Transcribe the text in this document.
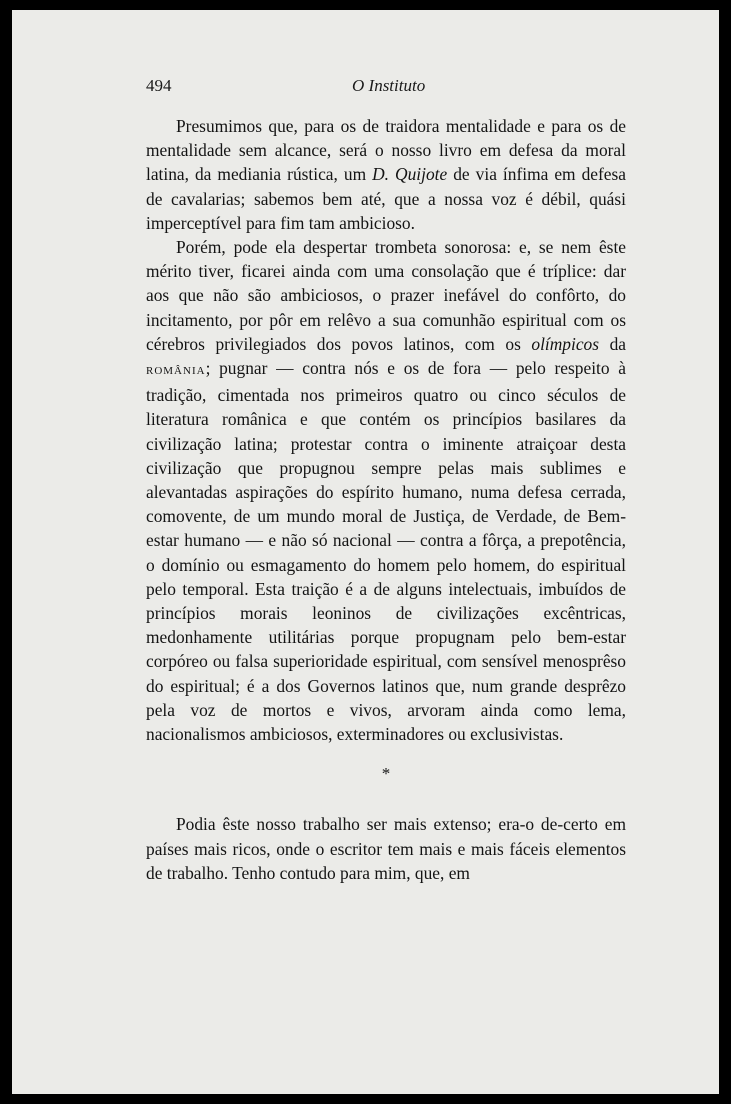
494	O Instituto

Presumimos que, para os de traidora mentalidade e para os de mentalidade sem alcance, será o nosso livro em defesa da moral latina, da mediania rústica, um D. Quijote de via ínfima em defesa de cavalarias; sabemos bem até, que a nossa voz é débil, quási imperceptível para fim tam ambicioso.

Porém, pode ela despertar trombeta sonorosa: e, se nem êste mérito tiver, ficarei ainda com uma consolação que é tríplice: dar aos que não são ambiciosos, o prazer inefável do confôrto, do incitamento, por pôr em relêvo a sua comunhão espiritual com os cérebros privilegiados dos povos latinos, com os olímpicos da ROMÂNIA; pugnar — contra nós e os de fora — pelo respeito à tradição, cimentada nos primeiros quatro ou cinco séculos de literatura românica e que contém os princípios basilares da civilização latina; protestar contra o iminente atraiçoar desta civilização que propugnou sempre pelas mais sublimes e alevantadas aspirações do espírito humano, numa defesa cerrada, comovente, de um mundo moral de Justiça, de Verdade, de Bem-estar humano — e não só nacional — contra a fôrça, a prepotência, o domínio ou esmagamento do homem pelo homem, do espiritual pelo temporal. Esta traição é a de alguns intelectuais, imbuídos de princípios morais leoninos de civilizações excêntricas, medonhamente utilitárias porque propugnam pelo bem-estar corpóreo ou falsa superioridade espiritual, com sensível menosprêso do espiritual; é a dos Governos latinos que, num grande desprêzo pela voz de mortos e vivos, arvoram ainda como lema, nacionalismos ambiciosos, exterminadores ou exclusivistas.

*

Podia êste nosso trabalho ser mais extenso; era-o de-certo em países mais ricos, onde o escritor tem mais e mais fáceis elementos de trabalho. Tenho contudo para mim, que, em
